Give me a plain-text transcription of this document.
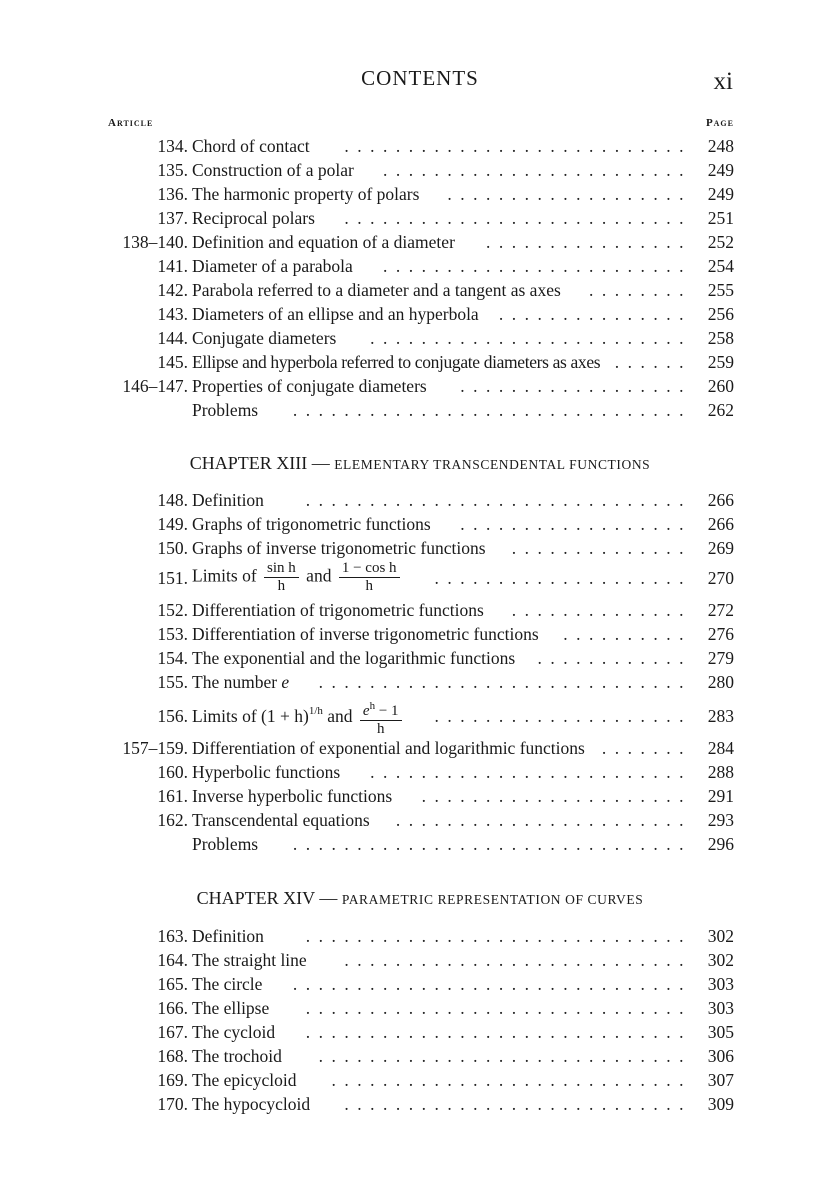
CONTENTS	xi
Article	Page
134. Chord of contact	248
...........................
135. Construction of a polar	249
........................
136. The harmonic property of polars	249
...................
137. Reciprocal polars	251
...........................
138–140. Definition and equation of a diameter	252
................
141. Diameter of a parabola	254
........................
142. Parabola referred to a diameter and a tangent as axes	255
........
143. Diameters of an ellipse and an hyperbola	256
...............
144. Conjugate diameters	258
.........................
145. Ellipse and hyperbola referred to conjugate diameters as axes	259
......
146–147. Properties of conjugate diameters	260
..................
Problems	262
...............................
CHAPTER XIII — ELEMENTARY TRANSCENDENTAL FUNCTIONS
148. Definition	266
..............................
149. Graphs of trigonometric functions	266
..................
150. Graphs of inverse trigonometric functions	269
..............
151. Limits of $\frac{\text{sin h}}{h}$ and $\frac{\text{1 − cos h}}{h}$	270
....................
152. Differentiation of trigonometric functions	272
..............
153. Differentiation of inverse trigonometric functions	276
..........
154. The exponential and the logarithmic functions	279
............
155. The number e	280
.............................
156. Limits of $(1 + h)^{1/h}$ and $\frac{e^h - 1}{h}$	283
....................
157–159. Differentiation of exponential and logarithmic functions	284
.......
160. Hyperbolic functions	288
.........................
161. Inverse hyperbolic functions	291
.....................
162. Transcendental equations	293
.......................
Problems	296
...............................
CHAPTER XIV — PARAMETRIC REPRESENTATION OF CURVES
163. Definition	302
..............................
164. The straight line	302
...........................
165. The circle	303
...............................
166. The ellipse	303
..............................
167. The cycloid	305
..............................
168. The trochoid	306
.............................
169. The epicycloid	307
............................
170. The hypocycloid	309
...........................
